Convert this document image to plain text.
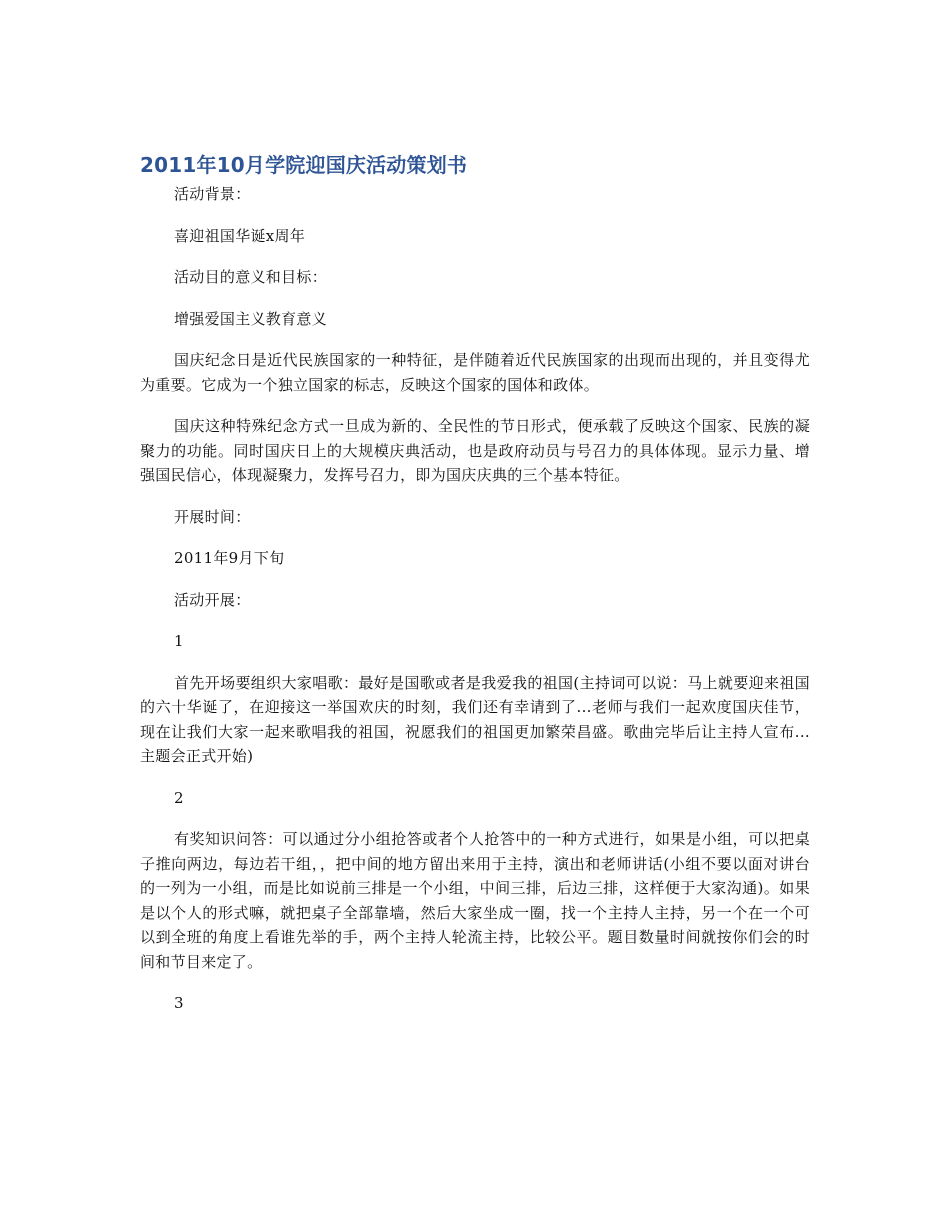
2011年10月学院迎国庆活动策划书

活动背景：

喜迎祖国华诞x周年

活动目的意义和目标：

增强爱国主义教育意义

国庆纪念日是近代民族国家的一种特征，是伴随着近代民族国家的出现而出现的，并且变得尤为重要。它成为一个独立国家的标志，反映这个国家的国体和政体。

国庆这种特殊纪念方式一旦成为新的、全民性的节日形式，便承载了反映这个国家、民族的凝聚力的功能。同时国庆日上的大规模庆典活动，也是政府动员与号召力的具体体现。显示力量、增强国民信心，体现凝聚力，发挥号召力，即为国庆庆典的三个基本特征。

开展时间：

2011年9月下旬

活动开展：

1

首先开场要组织大家唱歌：最好是国歌或者是我爱我的祖国(主持词可以说：马上就要迎来祖国的六十华诞了，在迎接这一举国欢庆的时刻，我们还有幸请到了...老师与我们一起欢度国庆佳节，现在让我们大家一起来歌唱我的祖国，祝愿我们的祖国更加繁荣昌盛。歌曲完毕后让主持人宣布...主题会正式开始)

2

有奖知识问答：可以通过分小组抢答或者个人抢答中的一种方式进行，如果是小组，可以把桌子推向两边，每边若干组，，把中间的地方留出来用于主持，演出和老师讲话(小组不要以面对讲台的一列为一小组，而是比如说前三排是一个小组，中间三排，后边三排，这样便于大家沟通)。如果是以个人的形式嘛，就把桌子全部靠墙，然后大家坐成一圈，找一个主持人主持，另一个在一个可以到全班的角度上看谁先举的手，两个主持人轮流主持，比较公平。题目数量时间就按你们会的时间和节目来定了。

3
